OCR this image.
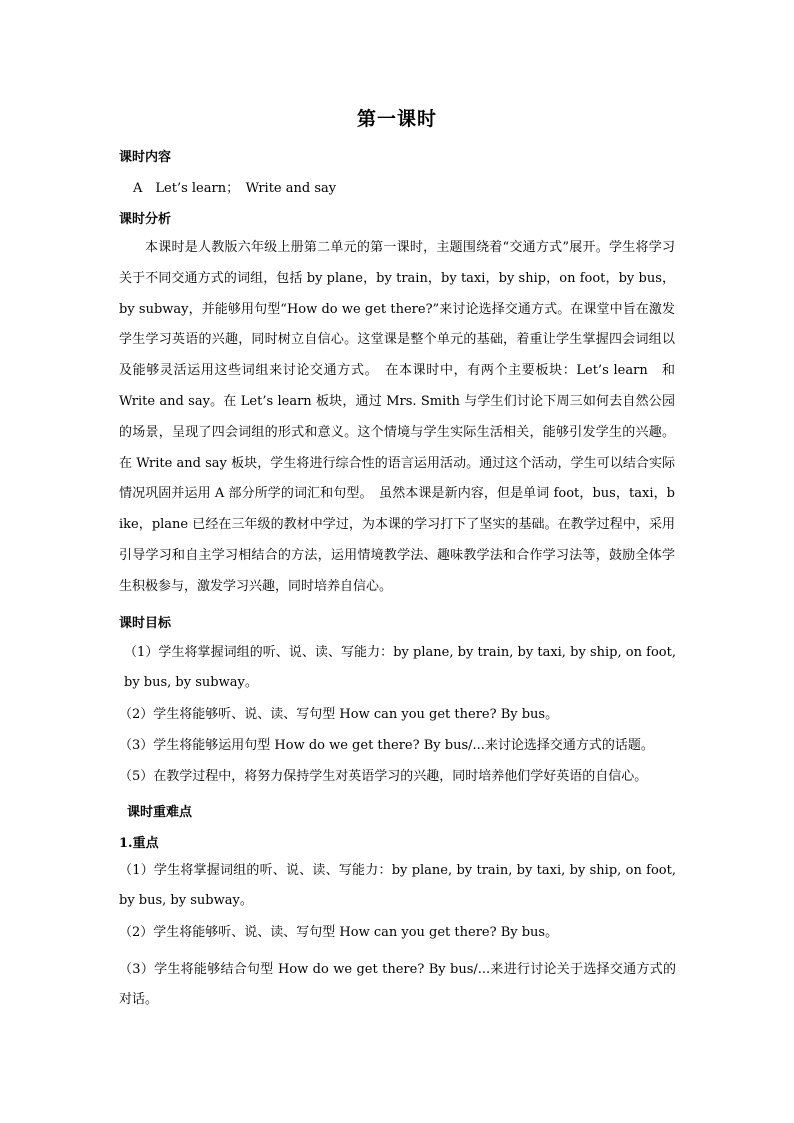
第一课时
课时内容
A　Let’s learn；　Write and say
课时分析
本课时是人教版六年级上册第二单元的第一课时，主题围绕着“交通方式”展开。学生将学习关于不同交通方式的词组，包括 by plane，by train，by taxi，by ship，on foot，by bus，by subway，并能够用句型“How do we get there?”来讨论选择交通方式。在课堂中旨在激发学生学习英语的兴趣，同时树立自信心。这堂课是整个单元的基础，着重让学生掌握四会词组以及能够灵活运用这些词组来讨论交通方式。　在本课时中，有两个主要板块：Let’s learn　和　Write and say。在 Let’s learn 板块，通过 Mrs. Smith 与学生们讨论下周三如何去自然公园的场景，呈现了四会词组的形式和意义。这个情境与学生实际生活相关，能够引发学生的兴趣。在 Write and say 板块，学生将进行综合性的语言运用活动。通过这个活动，学生可以结合实际情况巩固并运用 A 部分所学的词汇和句型。　虽然本课是新内容，但是单词 foot，bus，taxi，bike，plane 已经在三年级的教材中学过，为本课的学习打下了坚实的基础。在教学过程中，采用引导学习和自主学习相结合的方法，运用情境教学法、趣味教学法和合作学习法等，鼓励全体学生积极参与，激发学习兴趣，同时培养自信心。
课时目标
（1）学生将掌握词组的听、说、读、写能力：by plane, by train, by taxi, by ship, on foot, by bus, by subway。
（2）学生将能够听、说、读、写句型 How can you get there? By bus。
（3）学生将能够运用句型 How do we get there? By bus/...来讨论选择交通方式的话题。
（5）在教学过程中，将努力保持学生对英语学习的兴趣，同时培养他们学好英语的自信心。
课时重难点
1.重点
（1）学生将掌握词组的听、说、读、写能力：by plane, by train, by taxi, by ship, on foot, by bus, by subway。
（2）学生将能够听、说、读、写句型 How can you get there? By bus。
（3）学生将能够结合句型 How do we get there? By bus/...来进行讨论关于选择交通方式的对话。
